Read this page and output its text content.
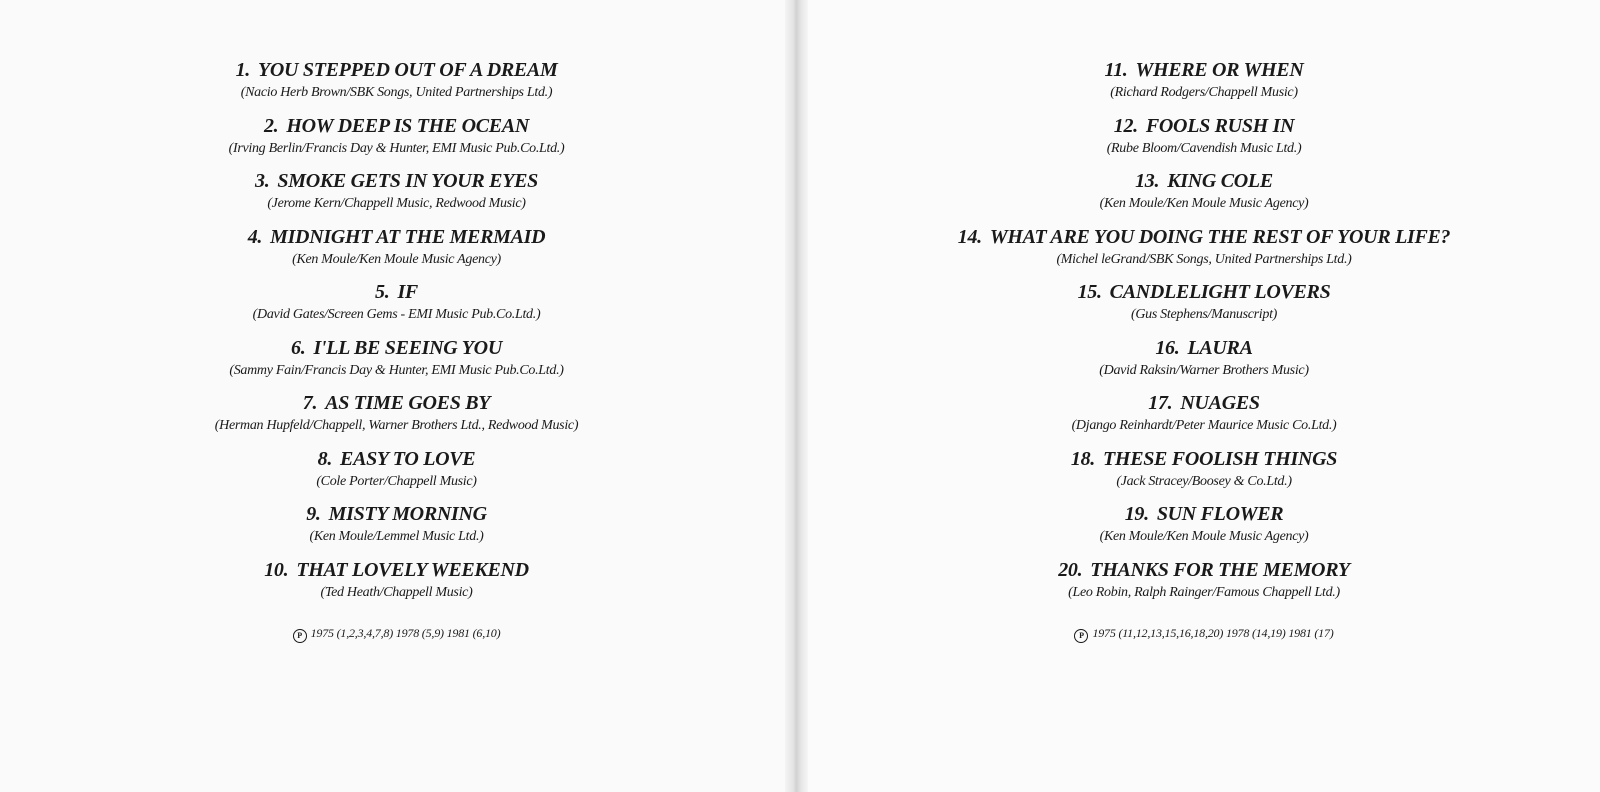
1. YOU STEPPED OUT OF A DREAM
(Nacio Herb Brown/SBK Songs, United Partnerships Ltd.)
2. HOW DEEP IS THE OCEAN
(Irving Berlin/Francis Day & Hunter, EMI Music Pub.Co.Ltd.)
3. SMOKE GETS IN YOUR EYES
(Jerome Kern/Chappell Music, Redwood Music)
4. MIDNIGHT AT THE MERMAID
(Ken Moule/Ken Moule Music Agency)
5. IF
(David Gates/Screen Gems - EMI Music Pub.Co.Ltd.)
6. I'LL BE SEEING YOU
(Sammy Fain/Francis Day & Hunter, EMI Music Pub.Co.Ltd.)
7. AS TIME GOES BY
(Herman Hupfeld/Chappell, Warner Brothers Ltd., Redwood Music)
8. EASY TO LOVE
(Cole Porter/Chappell Music)
9. MISTY MORNING
(Ken Moule/Lemmel Music Ltd.)
10. THAT LOVELY WEEKEND
(Ted Heath/Chappell Music)
P 1975 (1,2,3,4,7,8) 1978 (5,9) 1981 (6,10)
11. WHERE OR WHEN
(Richard Rodgers/Chappell Music)
12. FOOLS RUSH IN
(Rube Bloom/Cavendish Music Ltd.)
13. KING COLE
(Ken Moule/Ken Moule Music Agency)
14. WHAT ARE YOU DOING THE REST OF YOUR LIFE?
(Michel leGrand/SBK Songs, United Partnerships Ltd.)
15. CANDLELIGHT LOVERS
(Gus Stephens/Manuscript)
16. LAURA
(David Raksin/Warner Brothers Music)
17. NUAGES
(Django Reinhardt/Peter Maurice Music Co.Ltd.)
18. THESE FOOLISH THINGS
(Jack Stracey/Boosey & Co.Ltd.)
19. SUN FLOWER
(Ken Moule/Ken Moule Music Agency)
20. THANKS FOR THE MEMORY
(Leo Robin, Ralph Rainger/Famous Chappell Ltd.)
P 1975 (11,12,13,15,16,18,20) 1978 (14,19) 1981 (17)
